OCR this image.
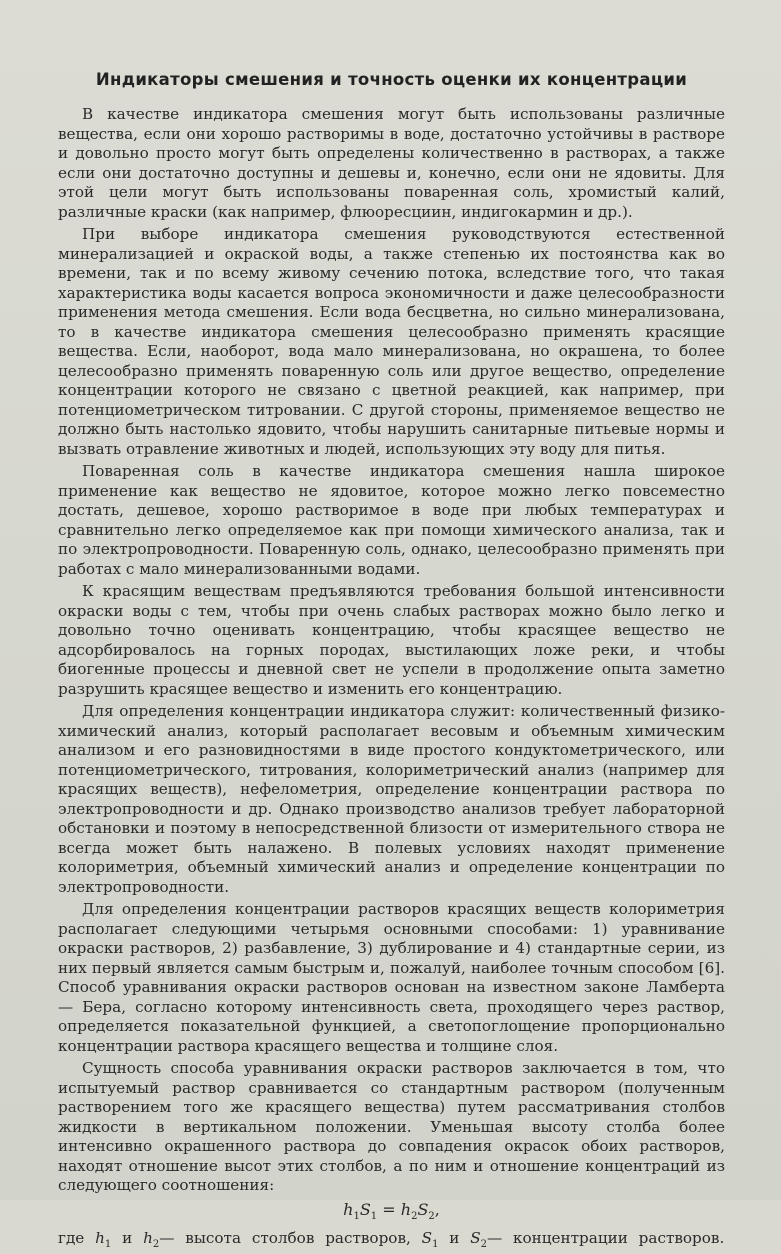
Индикаторы смешения и точность оценки их концентрации

В качестве индикатора смешения могут быть использованы различные вещества, если они хорошо растворимы в воде, достаточно устойчивы в растворе и довольно просто могут быть определены количественно в растворах, а также если они достаточно доступны и дешевы и, конечно, если они не ядовиты. Для этой цели могут быть использованы поваренная соль, хромистый калий, различные краски (как например, флюоресциин, индигокармин и др.).

При выборе индикатора смешения руководствуются естественной минерализацией и окраской воды, а также степенью их постоянства как во времени, так и по всему живому сечению потока, вследствие того, что такая характеристика воды касается вопроса экономичности и даже целесообразности применения метода смешения. Если вода бесцветна, но сильно минерализована, то в качестве индикатора смешения целесообразно применять красящие вещества. Если, наоборот, вода мало минерализована, но окрашена, то более целесообразно применять поваренную соль или другое вещество, определение концентрации которого не связано с цветной реакцией, как например, при потенциометрическом титровании. С другой стороны, применяемое вещество не должно быть настолько ядовито, чтобы нарушить санитарные питьевые нормы и вызвать отравление животных и людей, использующих эту воду для питья.

Поваренная соль в качестве индикатора смешения нашла широкое применение как вещество не ядовитое, которое можно легко повсеместно достать, дешевое, хорошо растворимое в воде при любых температурах и сравнительно легко определяемое как при помощи химического анализа, так и по электропроводности. Поваренную соль, однако, целесообразно применять при работах с мало минерализованными водами.

К красящим веществам предъявляются требования большой интенсивности окраски воды с тем, чтобы при очень слабых растворах можно было легко и довольно точно оценивать концентрацию, чтобы красящее вещество не адсорбировалось на горных породах, выстилающих ложе реки, и чтобы биогенные процессы и дневной свет не успели в продолжение опыта заметно разрушить красящее вещество и изменить его концентрацию.

Для определения концентрации индикатора служит: количественный физико-химический анализ, который располагает весовым и объемным химическим анализом и его разновидностями в виде простого кондуктометрического, или потенциометрического, титрования, колориметрический анализ (например для красящих веществ), нефелометрия, определение концентрации раствора по электропроводности и др. Однако производство анализов требует лабораторной обстановки и поэтому в непосредственной близости от измерительного створа не всегда может быть налажено. В полевых условиях находят применение колориметрия, объемный химический анализ и определение концентрации по электропроводности.

Для определения концентрации растворов красящих веществ колориметрия располагает следующими четырьмя основными способами: 1) уравнивание окраски растворов, 2) разбавление, 3) дублирование и 4) стандартные серии, из них первый является самым быстрым и, пожалуй, наиболее точным способом [6]. Способ уравнивания окраски растворов основан на известном законе Ламберта — Бера, согласно которому интенсивность света, проходящего через раствор, определяется показательной функцией, а светопоглощение пропорционально концентрации раствора красящего вещества и толщине слоя.

Сущность способа уравнивания окраски растворов заключается в том, что испытуемый раствор сравнивается со стандартным раствором (полученным растворением того же красящего вещества) путем рассматривания столбов жидкости в вертикальном положении. Уменьшая высоту столба более интенсивно окрашенного раствора до совпадения окрасок обоих растворов, находят отношение высот этих столбов, а по ним и отношение концентраций из следующего соотношения:

$h_1S_1 = h_2S_2$,
где $h_1$ и $h_2—$ высота столбов растворов, $S_1$ и $S_2—$ концентрации растворов.
